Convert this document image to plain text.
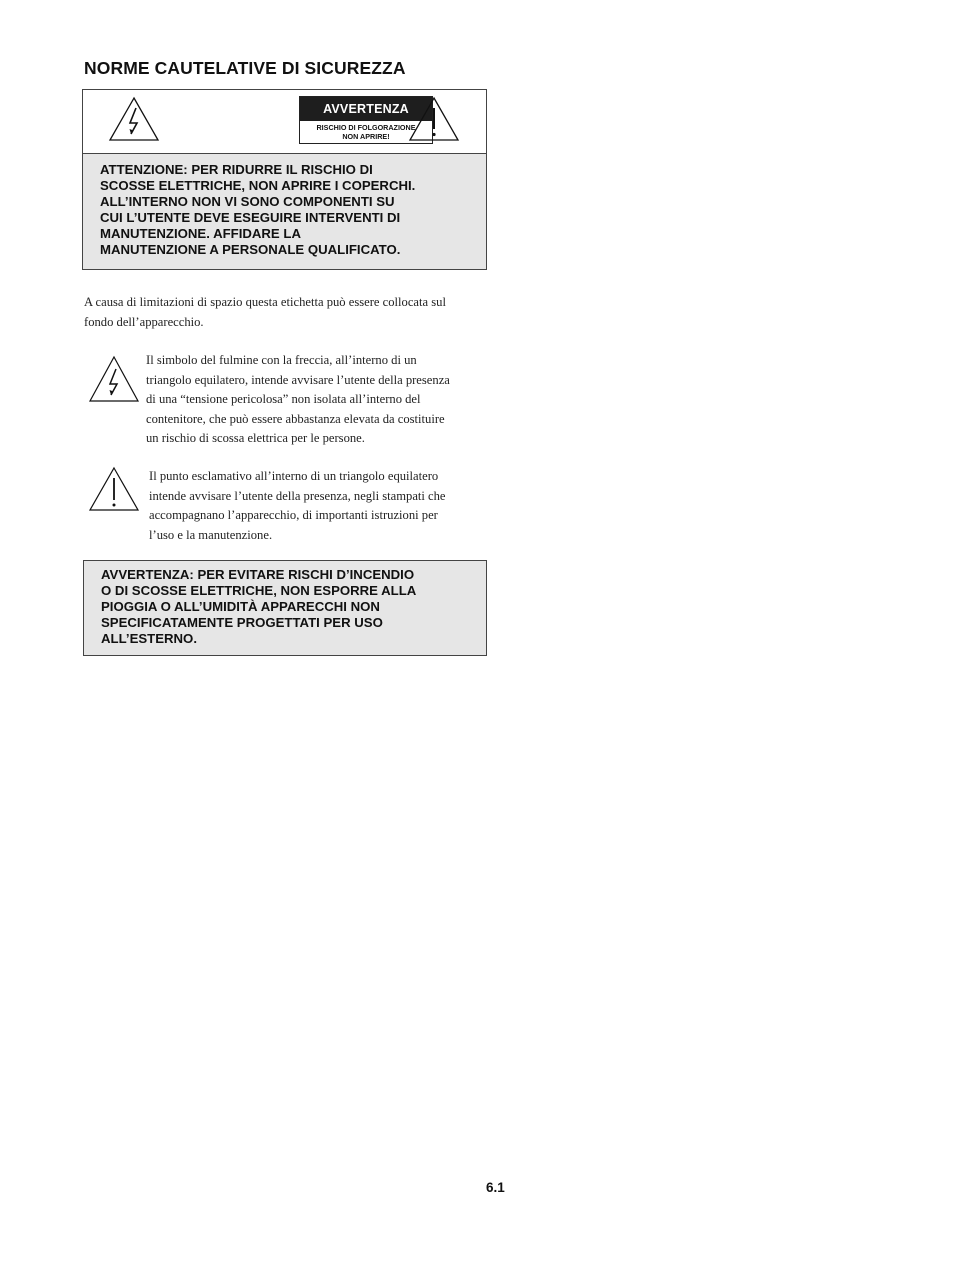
NORME CAUTELATIVE DI SICUREZZA
AVVERTENZA
RISCHIO DI FOLGORAZIONE
NON APRIRE!
ATTENZIONE: PER RIDURRE IL RISCHIO DI
SCOSSE ELETTRICHE, NON APRIRE I COPERCHI.
ALL’INTERNO NON VI SONO COMPONENTI SU
CUI L’UTENTE DEVE ESEGUIRE INTERVENTI DI
MANUTENZIONE. AFFIDARE LA
MANUTENZIONE A PERSONALE QUALIFICATO.
A causa di limitazioni di spazio questa etichetta può essere collocata sul
fondo dell’apparecchio.
Il simbolo del fulmine con la freccia, all’interno di un
triangolo equilatero, intende avvisare l’utente della presenza
di una “tensione pericolosa” non isolata all’interno del
contenitore, che può essere abbastanza elevata da costituire
un rischio di scossa elettrica per le persone.
Il punto esclamativo all’interno di un triangolo equilatero
intende avvisare l’utente della presenza, negli stampati che
accompagnano l’apparecchio, di importanti istruzioni per
l’uso e la manutenzione.
AVVERTENZA: PER EVITARE RISCHI D’INCENDIO
O DI SCOSSE ELETTRICHE, NON ESPORRE ALLA
PIOGGIA O ALL’UMIDITÀ APPARECCHI NON
SPECIFICATAMENTE PROGETTATI PER USO
ALL’ESTERNO.
6.1
